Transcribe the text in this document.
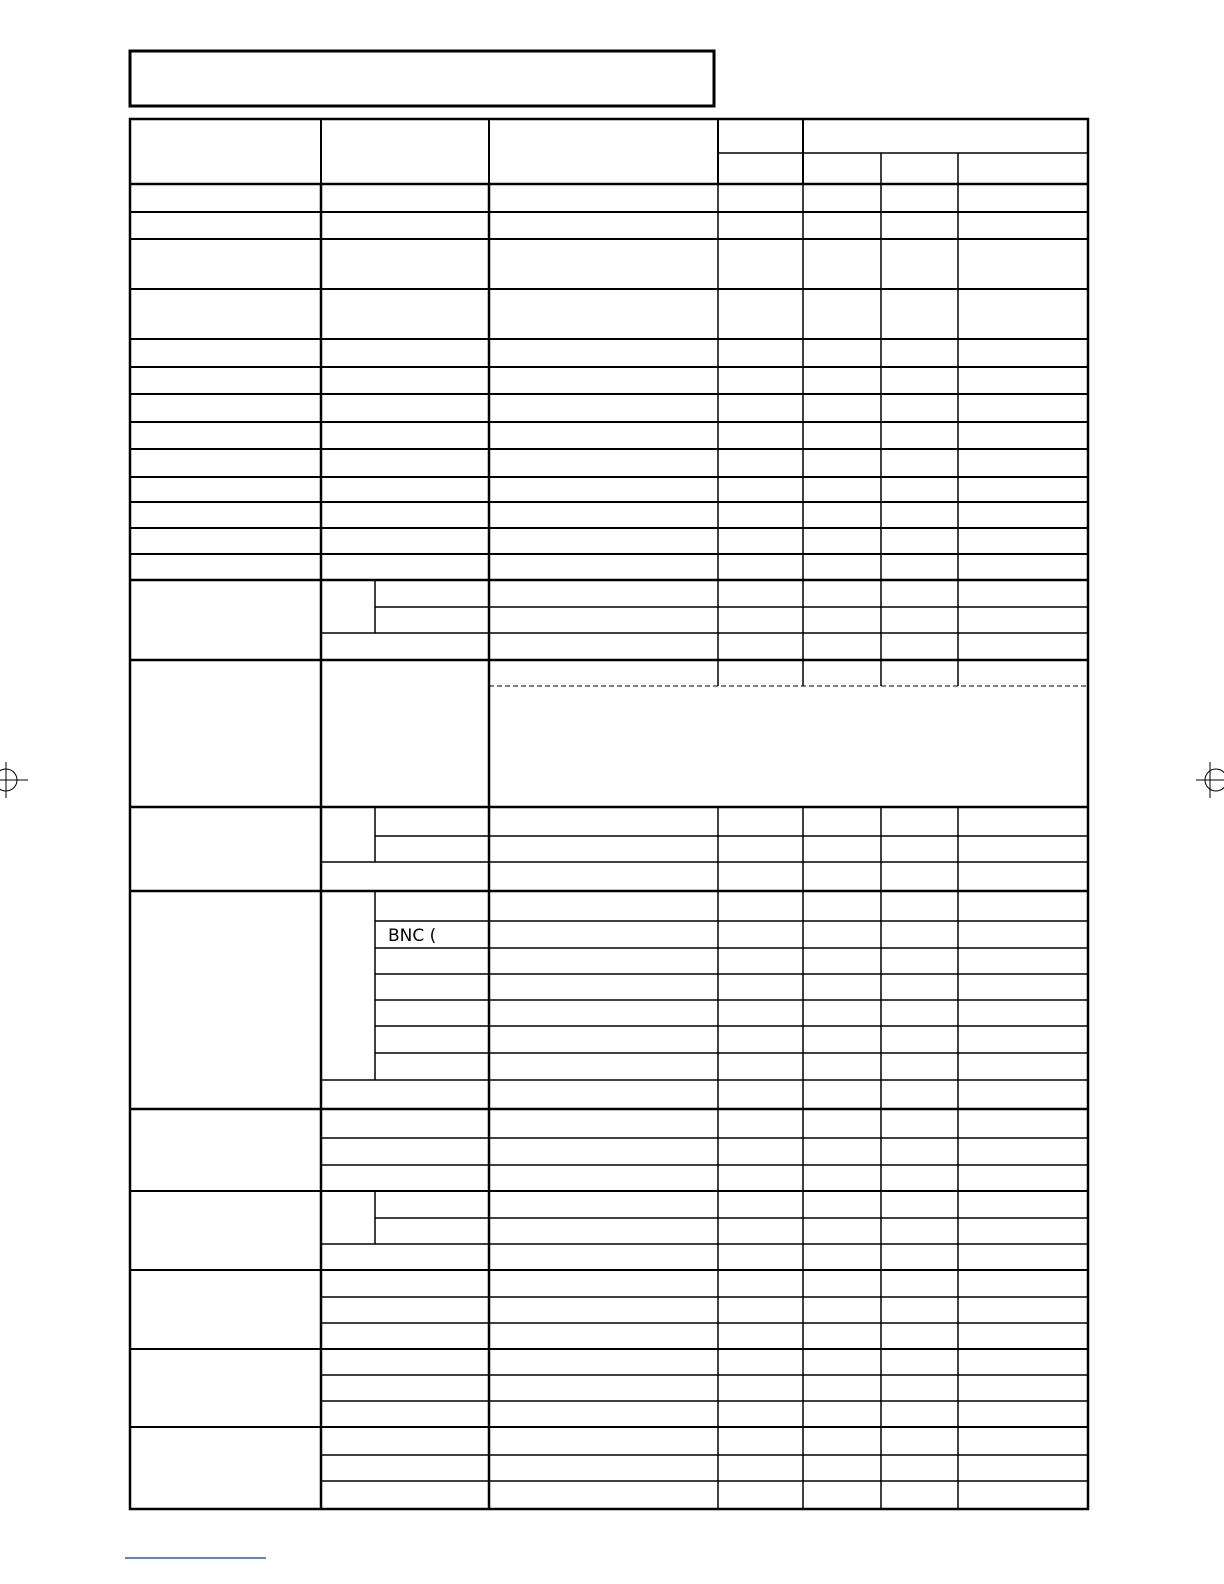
BNC (
